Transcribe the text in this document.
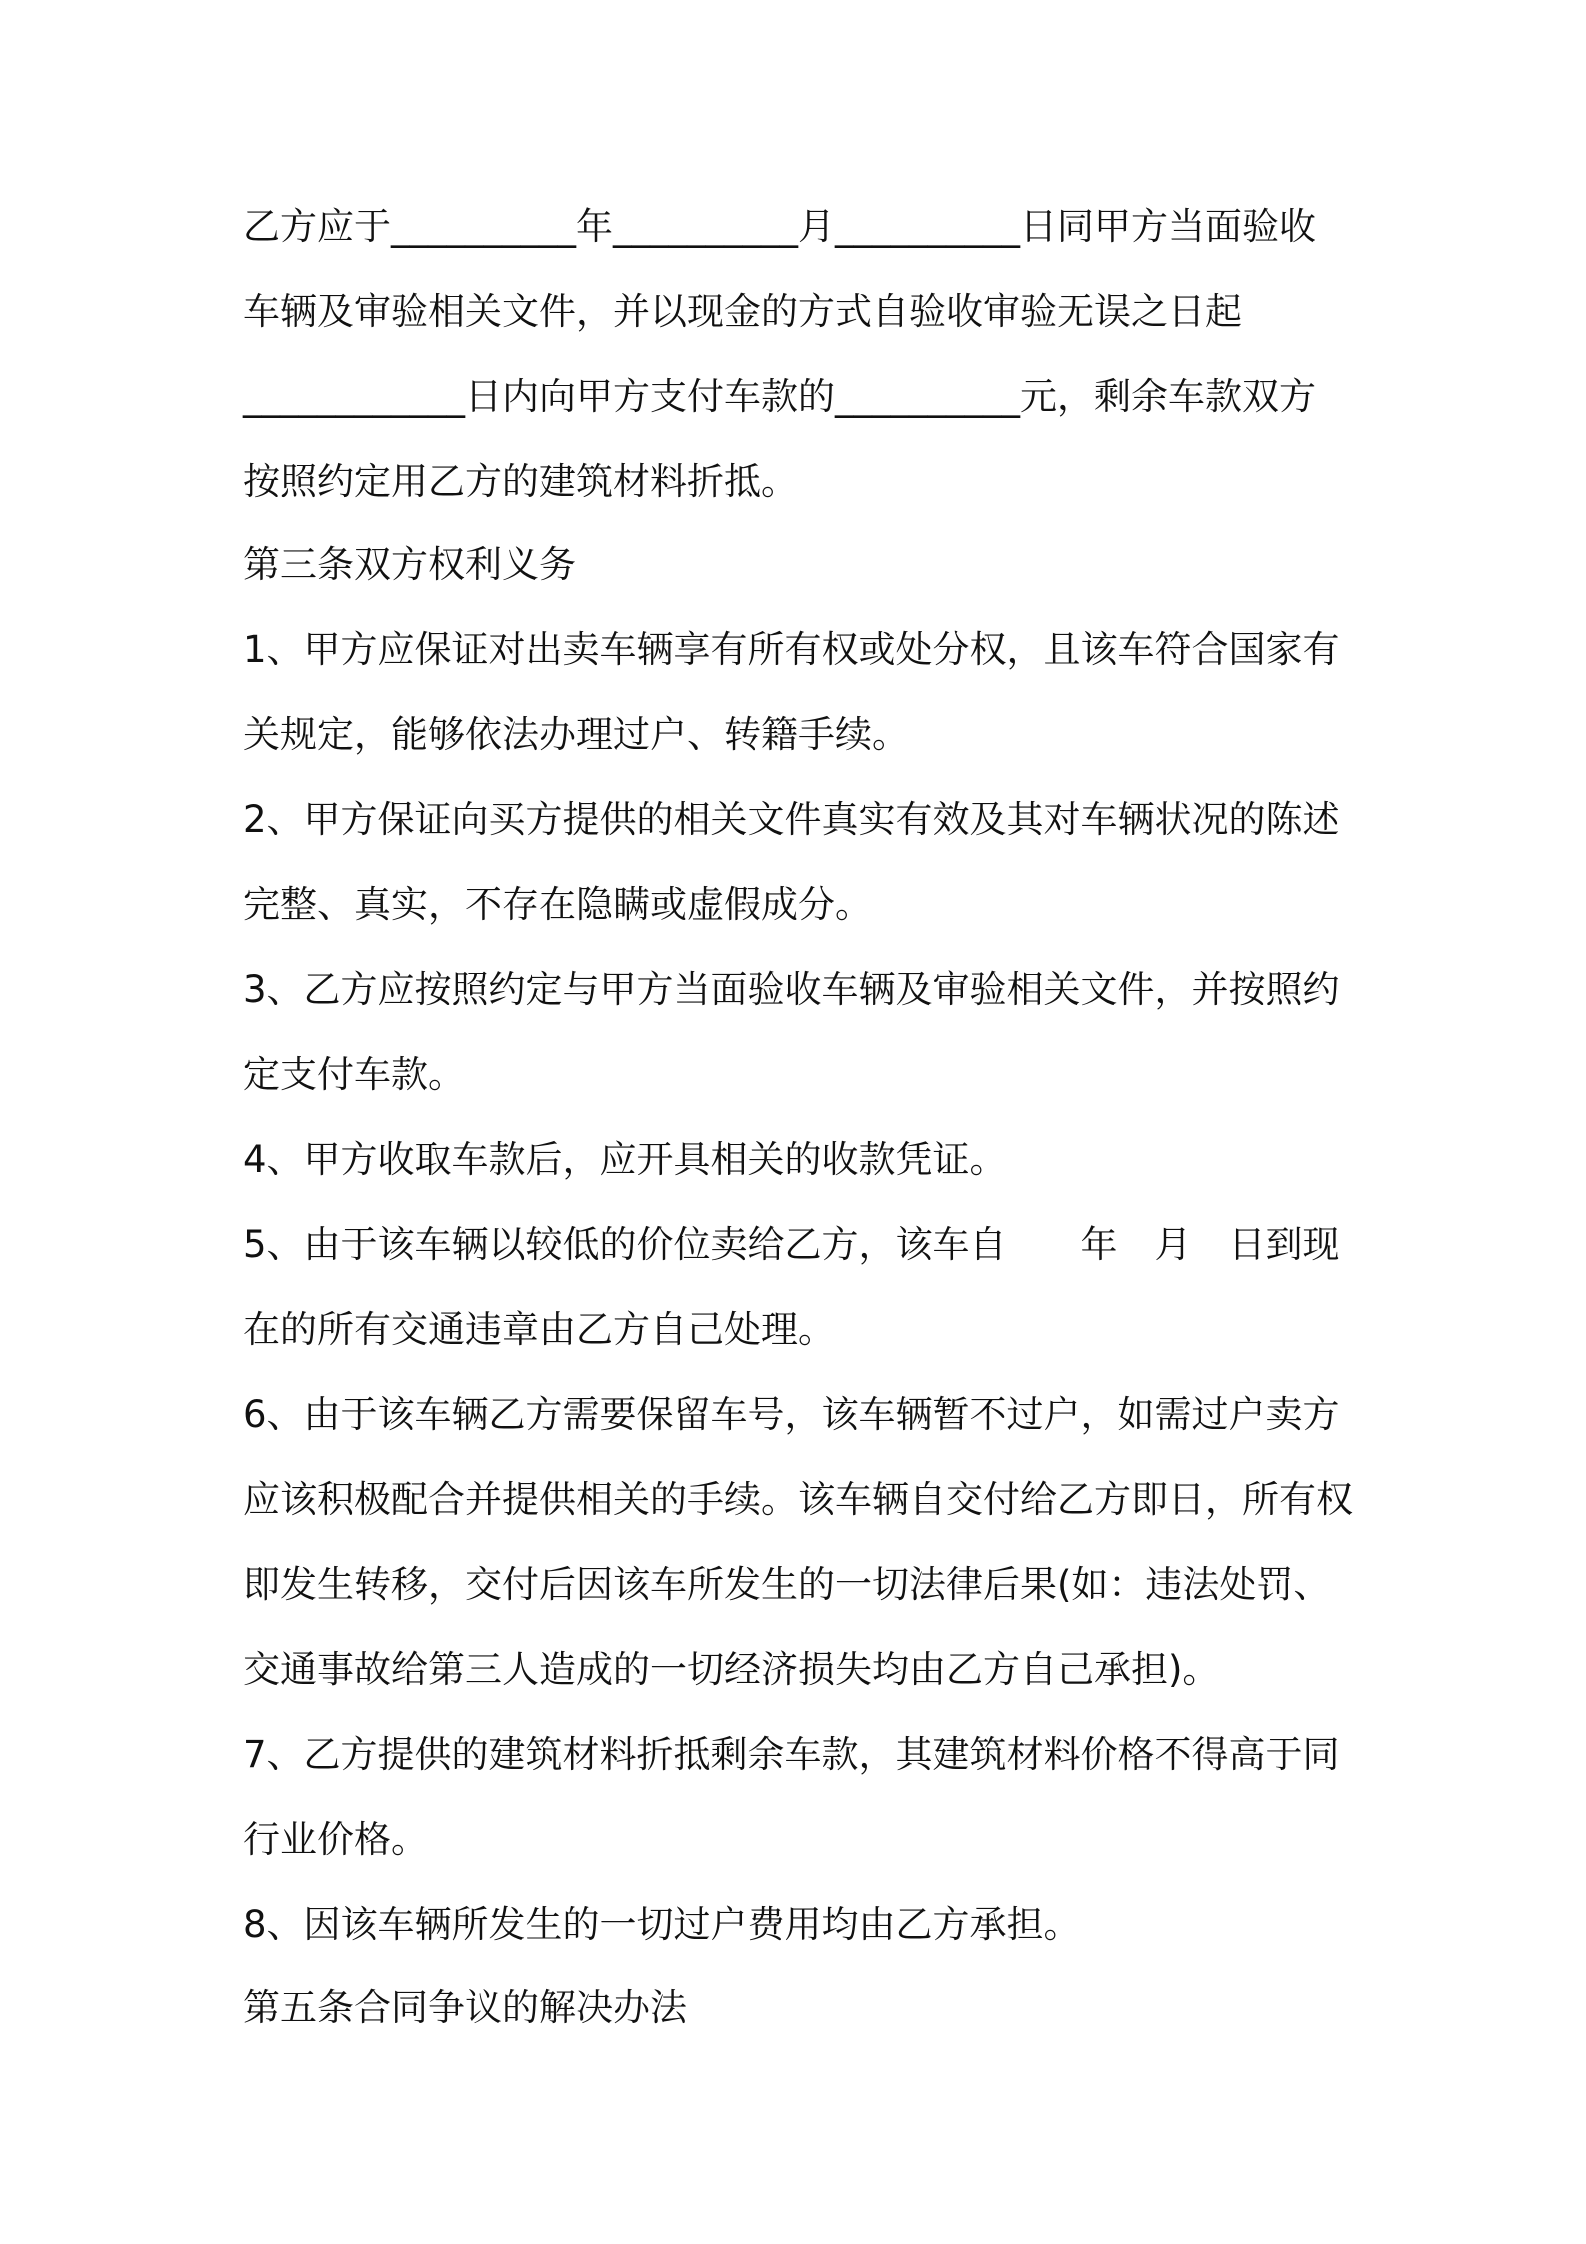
乙方应于__________年__________月__________日同甲方当面验收
车辆及审验相关文件，并以现金的方式自验收审验无误之日起
____________日内向甲方支付车款的__________元，剩余车款双方
按照约定用乙方的建筑材料折抵。
第三条双方权利义务
1、甲方应保证对出卖车辆享有所有权或处分权，且该车符合国家有
关规定，能够依法办理过户、转籍手续。
2、甲方保证向买方提供的相关文件真实有效及其对车辆状况的陈述
完整、真实，不存在隐瞒或虚假成分。
3、乙方应按照约定与甲方当面验收车辆及审验相关文件，并按照约
定支付车款。
4、甲方收取车款后，应开具相关的收款凭证。
5、由于该车辆以较低的价位卖给乙方，该车自　　年　月　日到现
在的所有交通违章由乙方自己处理。
6、由于该车辆乙方需要保留车号，该车辆暂不过户，如需过户卖方
应该积极配合并提供相关的手续。该车辆自交付给乙方即日，所有权
即发生转移，交付后因该车所发生的一切法律后果(如：违法处罚、
交通事故给第三人造成的一切经济损失均由乙方自己承担)。
7、乙方提供的建筑材料折抵剩余车款，其建筑材料价格不得高于同
行业价格。
8、因该车辆所发生的一切过户费用均由乙方承担。
第五条合同争议的解决办法
